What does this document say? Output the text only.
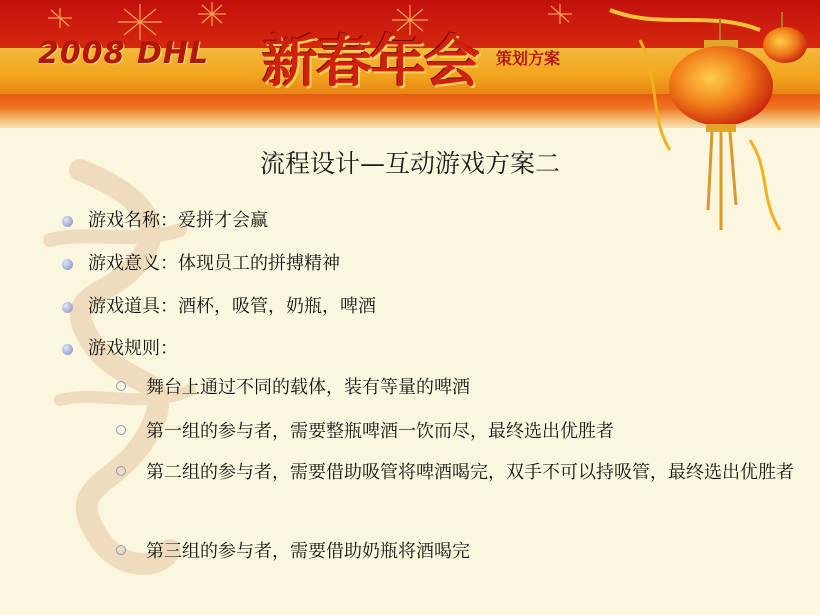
2008 DHL 新春年会 策划方案
流程设计—互动游戏方案二
游戏名称：爱拼才会赢
游戏意义：体现员工的拼搏精神
游戏道具：酒杯，吸管，奶瓶，啤酒
游戏规则：
舞台上通过不同的载体，装有等量的啤酒
第一组的参与者，需要整瓶啤酒一饮而尽，最终选出优胜者
第二组的参与者，需要借助吸管将啤酒喝完，双手不可以持吸管，最终选出优胜者
第三组的参与者，需要借助奶瓶将酒喝完
